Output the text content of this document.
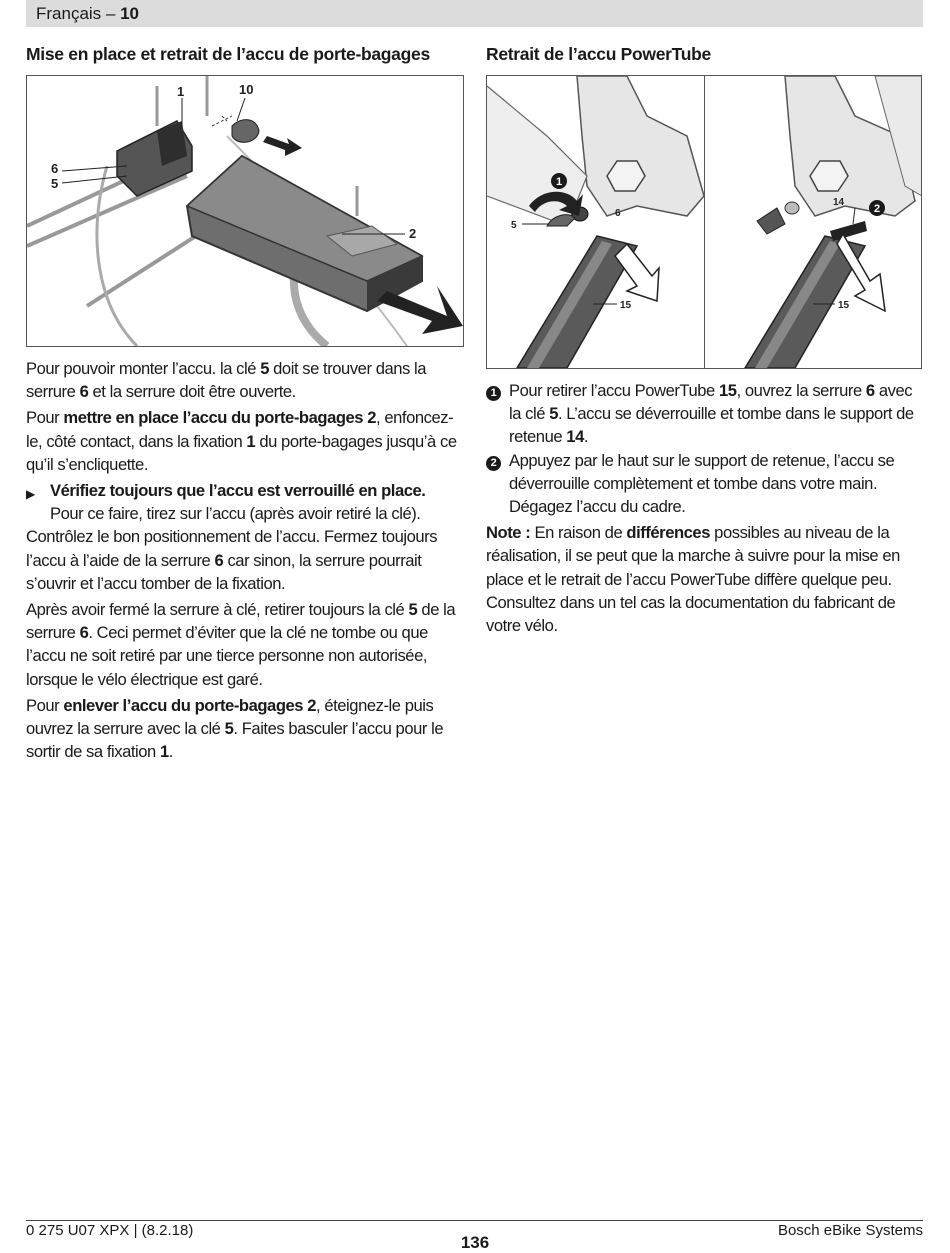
Français – 10
Mise en place et retrait de l’accu de porte-bagages
1	10
6
5
2

Pour pouvoir monter l’accu. la clé 5 doit se trouver dans la serrure 6 et la serrure doit être ouverte.

Pour mettre en place l’accu du porte-bagages 2, enfoncez-le, côté contact, dans la fixation 1 du porte-bagages jusqu’à ce qu’il s’encliquette.

▶ Vérifiez toujours que l’accu est verrouillé en place.
Pour ce faire, tirez sur l’accu (après avoir retiré la clé).

Contrôlez le bon positionnement de l’accu. Fermez toujours l’accu à l’aide de la serrure 6 car sinon, la serrure pourrait s’ouvrir et l’accu tomber de la fixation.

Après avoir fermé la serrure à clé, retirer toujours la clé 5 de la serrure 6. Ceci permet d’éviter que la clé ne tombe ou que l’accu ne soit retiré par une tierce personne non autorisée, lorsque le vélo électrique est garé.

Pour enlever l’accu du porte-bagages 2, éteignez-le puis ouvrez la serrure avec la clé 5. Faites basculer l’accu pour le sortir de sa fixation 1.

Retrait de l’accu PowerTube
1
5
6
15
2
14
15
1 Pour retirer l’accu PowerTube 15, ouvrez la serrure 6 avec la clé 5. L’accu se déverrouille et tombe dans le support de retenue 14.
2 Appuyez par le haut sur le support de retenue, l’accu se déverrouille complètement et tombe dans votre main. Dégagez l’accu du cadre.

Note : En raison de différences possibles au niveau de la réalisation, il se peut que la marche à suivre pour la mise en place et le retrait de l’accu PowerTube diffère quelque peu. Consultez dans un tel cas la documentation du fabricant de votre vélo.

0 275 U07 XPX | (8.2.18)
136
Bosch eBike Systems
